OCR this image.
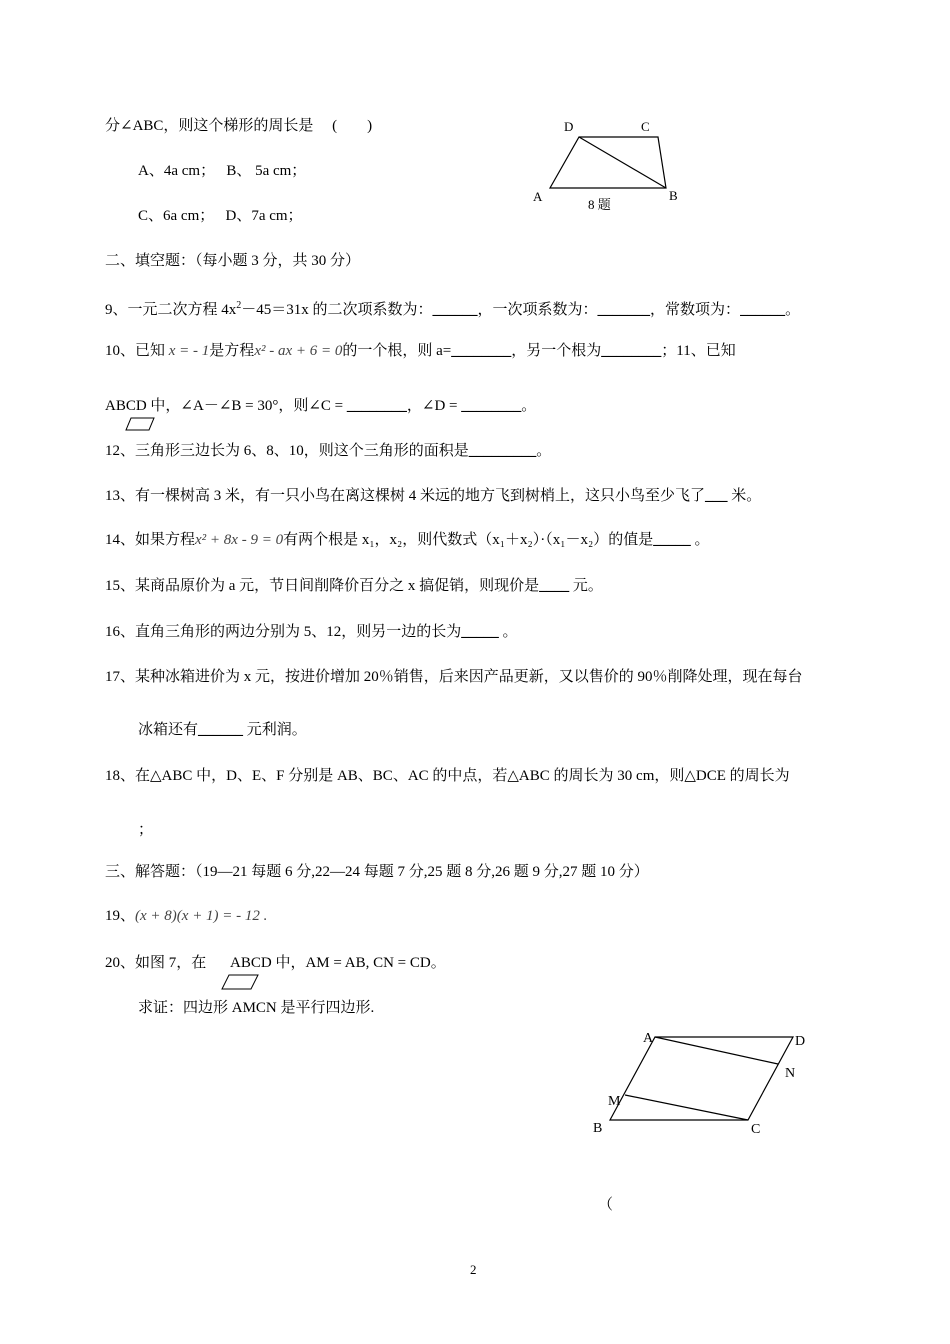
分∠ABC，则这个梯形的周长是　 (　　)
A、4a cm；　 B、 5a cm；
C、6a cm；　 D、7a cm；
D	C
A	B
8 题
二、填空题：（每小题 3 分，共 30 分）
9、一元二次方程 $4x^2-45=31x$ 的二次项系数为：______，一次项系数为：_______，常数项为：______。
10、已知 x = - 1是方程x² - ax + 6 = 0的一个根，则 a=________，另一个根为________；11、已知
ABCD 中，∠A－∠B = 30°，则∠C = ________，∠D = ________。
12、三角形三边长为 6、8、10，则这个三角形的面积是_________。
13、有一棵树高 3 米，有一只小鸟在离这棵树 4 米远的地方飞到树梢上，这只小鸟至少飞了___ 米。
14、如果方程x² + 8x - 9 = 0有两个根是 x₁，x₂，则代数式（x₁＋x₂）·（x₁－x₂）的值是_____ 。
15、某商品原价为 a 元，节日间削降价百分之 x 搞促销，则现价是____ 元。
16、直角三角形的两边分别为 5、12，则另一边的长为_____ 。
17、某种冰箱进价为 x 元，按进价增加 20％销售，后来因产品更新，又以售价的 90％削降处理，现在每台
冰箱还有______ 元利润。
18、在△ABC 中，D、E、F 分别是 AB、BC、AC 的中点，若△ABC 的周长为 30 cm，则△DCE 的周长为
；
三、解答题：（19—21 每题 6 分,22—24 每题 7 分,25 题 8 分,26 题 9 分,27 题 10 分）
19、(x + 8)(x + 1) = - 12 .
20、如图 7，在 ABCD 中，AM = AB, CN = CD。
求证：四边形 AMCN 是平行四边形.
A	D
N
M
B	C
（
2
